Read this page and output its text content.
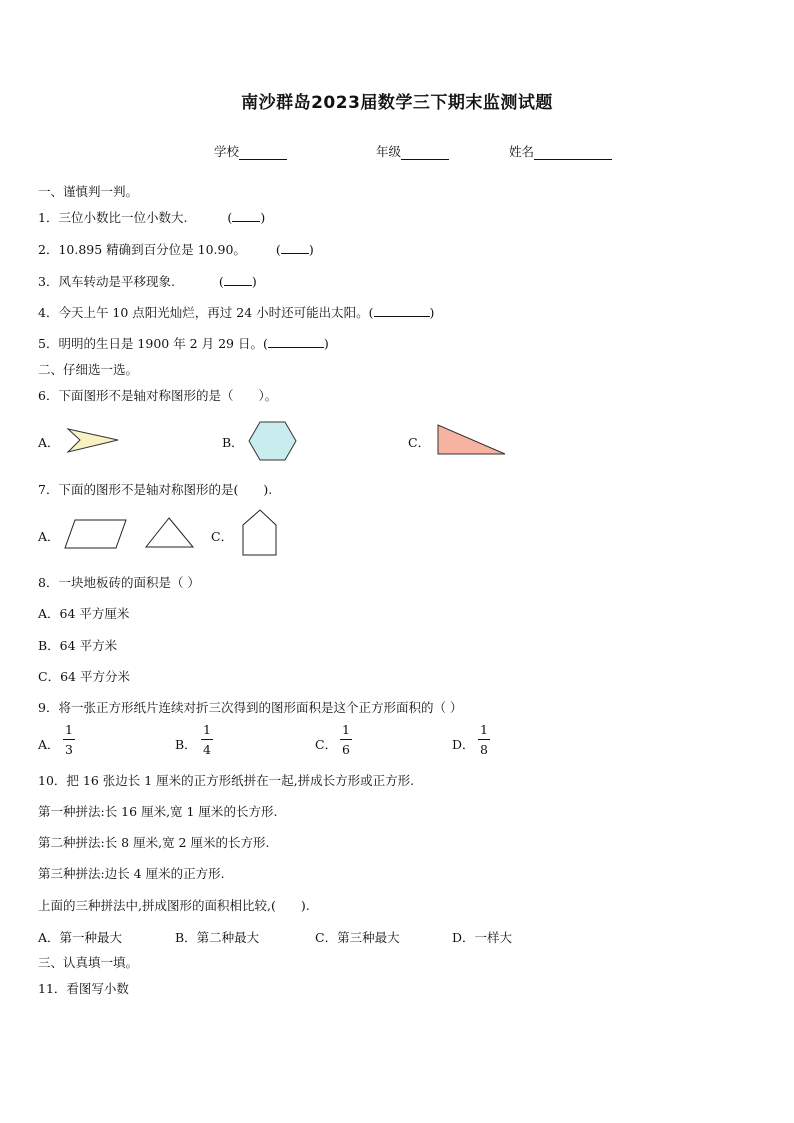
南沙群岛2023届数学三下期末监测试题
学校	年级	姓名
一、谨慎判一判。
1．三位小数比一位小数大.	( )
2．10.895 精确到百分位是 10.90。 ( )
3．风车转动是平移现象.	( )
4．今天上午 10 点阳光灿烂，再过 24 小时还可能出太阳。(	)
5．明明的生日是 1900 年 2 月 29 日。(	)
二、仔细选一选。
6．下面图形不是轴对称图形的是（　　）。
A．	B．	C．
7．下面的图形不是轴对称图形的是(　　).
A．	C．
8．一块地板砖的面积是（ ）
A．64 平方厘米
B．64 平方米
C．64 平方分米
9．将一张正方形纸片连续对折三次得到的图形面积是这个正方形面积的（ ）
A．
1
3	B．
1
4	C．
1
6	D．
1
8
10．把 16 张边长 1 厘米的正方形纸拼在一起,拼成长方形或正方形.
第一种拼法:长 16 厘米,宽 1 厘米的长方形.
第二种拼法:长 8 厘米,宽 2 厘米的长方形.
第三种拼法:边长 4 厘米的正方形.
上面的三种拼法中,拼成图形的面积相比较,(　　).
A．第一种最大	B．第二种最大	C．第三种最大	D．一样大
三、认真填一填。
11．看图写小数
